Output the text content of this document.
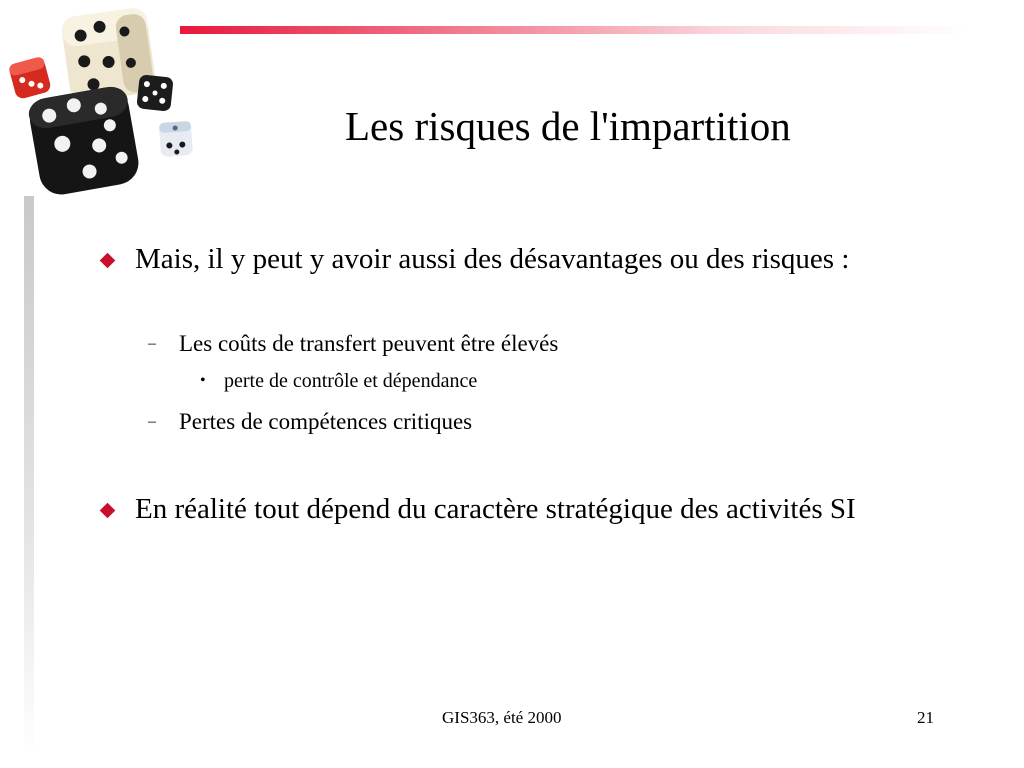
Les risques de l'impartition
Mais, il y peut y avoir aussi des désavantages ou des risques :
– Les coûts de transfert peuvent être élevés
• perte de contrôle et dépendance
– Pertes de compétences critiques
En réalité tout dépend du caractère stratégique des activités SI
GIS363, été 2000	21
